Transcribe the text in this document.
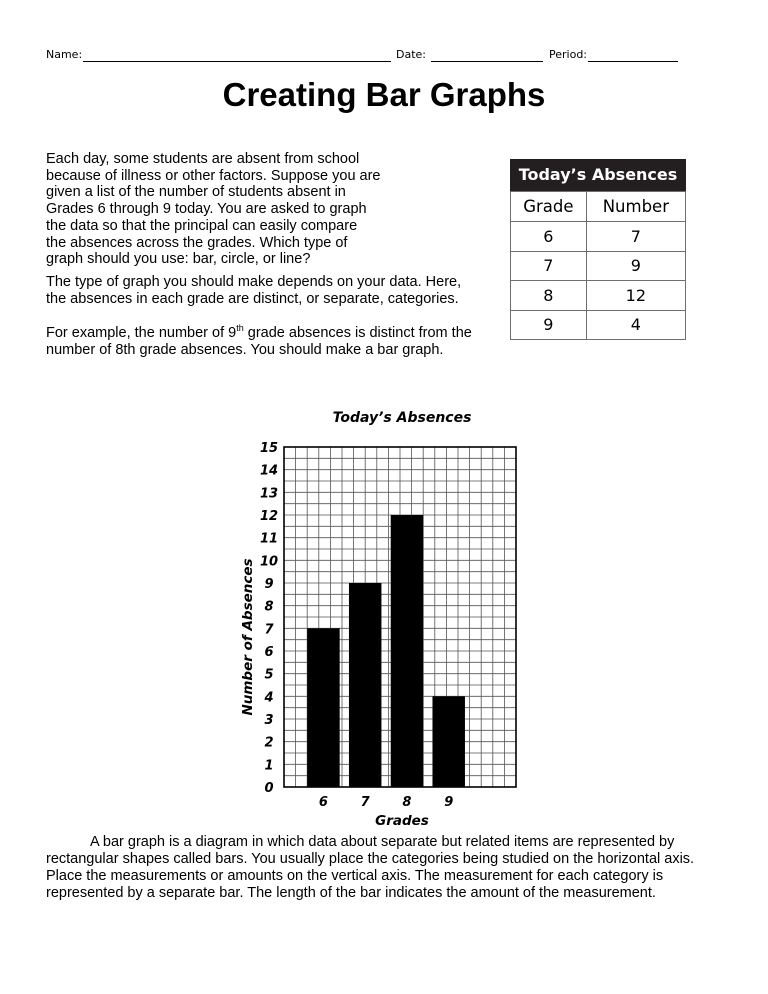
Name:	Date:	Period:
Creating Bar Graphs

Each day, some students are absent from school because of illness or other factors. Suppose you are given a list of the number of students absent in Grades 6 through 9 today. You are asked to graph the data so that the principal can easily compare the absences across the grades. Which type of graph should you use: bar, circle, or line?

The type of graph you should make depends on your data. Here, the absences in each grade are distinct, or separate, categories.

For example, the number of 9th grade absences is distinct from the number of 8th grade absences. You should make a bar graph.

Today’s Absences
Grade	Number
6	7
7	9
8	12
9	4
Today’s Absences
0
1
2
3
4
5
6
7
8
9
10
11
12
13
14
15
Number of Absences
6	7	8	9
Grades

A bar graph is a diagram in which data about separate but related items are represented by rectangular shapes called bars. You usually place the categories being studied on the horizontal axis. Place the measurements or amounts on the vertical axis. The measurement for each category is represented by a separate bar. The length of the bar indicates the amount of the measurement.
